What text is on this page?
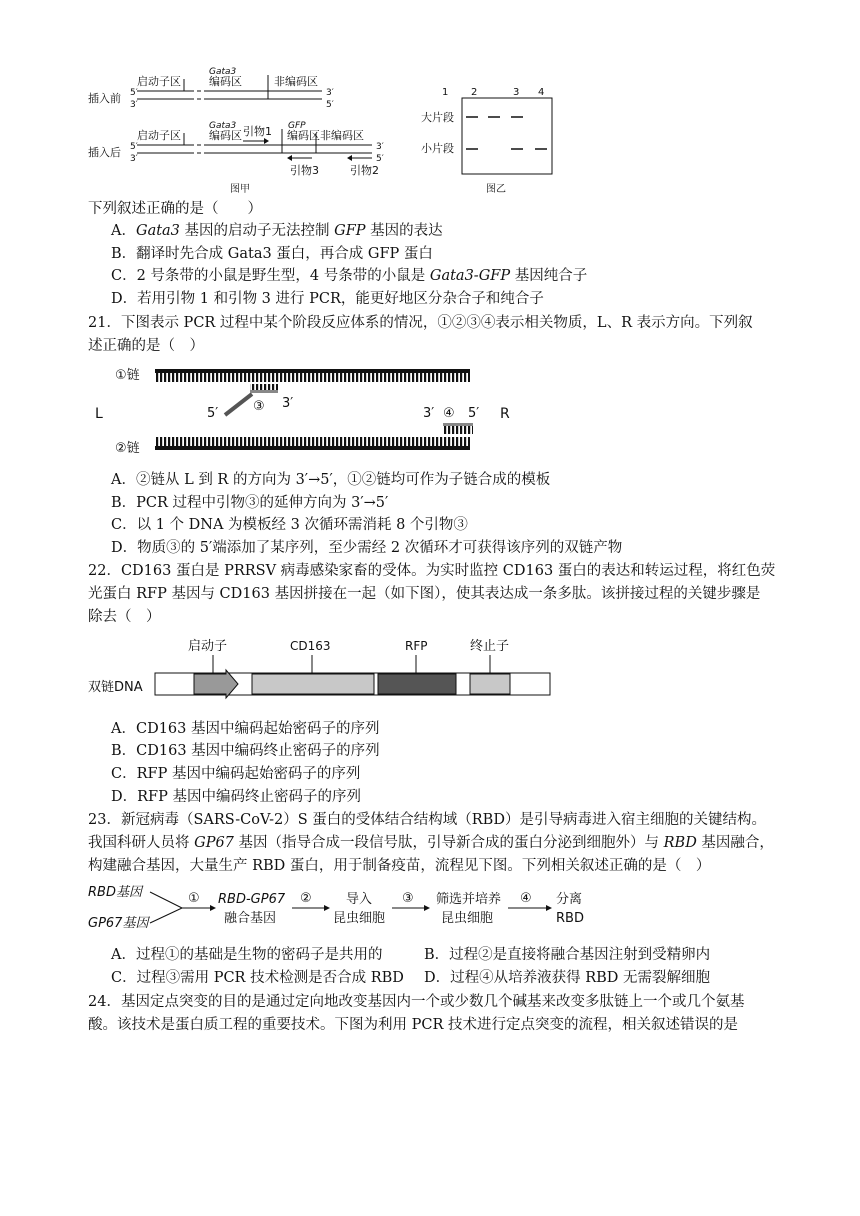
插入前 5′
3′
启动子区
Gata3
编码区	非编码区
3′
5′
插入后 5′
3′
启动子区
Gata3
编码区 引物1 GFP
编码区 非编码区
引物3	引物2
3′
5′
图甲
1 2	3 4
大片段
小片段
图乙
下列叙述正确的是（　　）
A．Gata3 基因的启动子无法控制 GFP 基因的表达
B．翻译时先合成 Gata3 蛋白，再合成 GFP 蛋白
C．2 号条带的小鼠是野生型，4 号条带的小鼠是 Gata3-GFP 基因纯合子
D．若用引物 1 和引物 3 进行 PCR，能更好地区分杂合子和纯合子
21．下图表示 PCR 过程中某个阶段反应体系的情况，①②③④表示相关物质，L、R 表示方向。下列叙
述正确的是（　）
①链
L	R
5′	③ 3′
3′ ④ 5′
②链
A．②链从 L 到 R 的方向为 3′→5′，①②链均可作为子链合成的模板
B．PCR 过程中引物③的延伸方向为 3′→5′
C．以 1 个 DNA 为模板经 3 次循环需消耗 8 个引物③
D．物质③的 5′端添加了某序列，至少需经 2 次循环才可获得该序列的双链产物
22．CD163 蛋白是 PRRSV 病毒感染家畜的受体。为实时监控 CD163 蛋白的表达和转运过程，将红色荧
光蛋白 RFP 基因与 CD163 基因拼接在一起（如下图），使其表达成一条多肽。该拼接过程的关键步骤是
除去（　）
启动子	CD163	RFP	终止子
双链DNA
A．CD163 基因中编码起始密码子的序列
B．CD163 基因中编码终止密码子的序列
C．RFP 基因中编码起始密码子的序列
D．RFP 基因中编码终止密码子的序列
23．新冠病毒（SARS-CoV-2）S 蛋白的受体结合结构域（RBD）是引导病毒进入宿主细胞的关键结构。
我国科研人员将 GP67 基因（指导合成一段信号肽，引导新合成的蛋白分泌到细胞外）与 RBD 基因融合，
构建融合基因，大量生产 RBD 蛋白，用于制备疫苗，流程见下图。下列相关叙述正确的是（　）
RBD基因
GP67基因
① RBD-GP67
融合基因
②	导入
昆虫细胞
③ 筛选并培养
昆虫细胞
④ 分离
RBD
A．过程①的基础是生物的密码子是共用的	B．过程②是直接将融合基因注射到受精卵内
C．过程③需用 PCR 技术检测是否合成 RBD D．过程④从培养液获得 RBD 无需裂解细胞
24．基因定点突变的目的是通过定向地改变基因内一个或少数几个碱基来改变多肽链上一个或几个氨基
酸。该技术是蛋白质工程的重要技术。下图为利用 PCR 技术进行定点突变的流程，相关叙述错误的是
